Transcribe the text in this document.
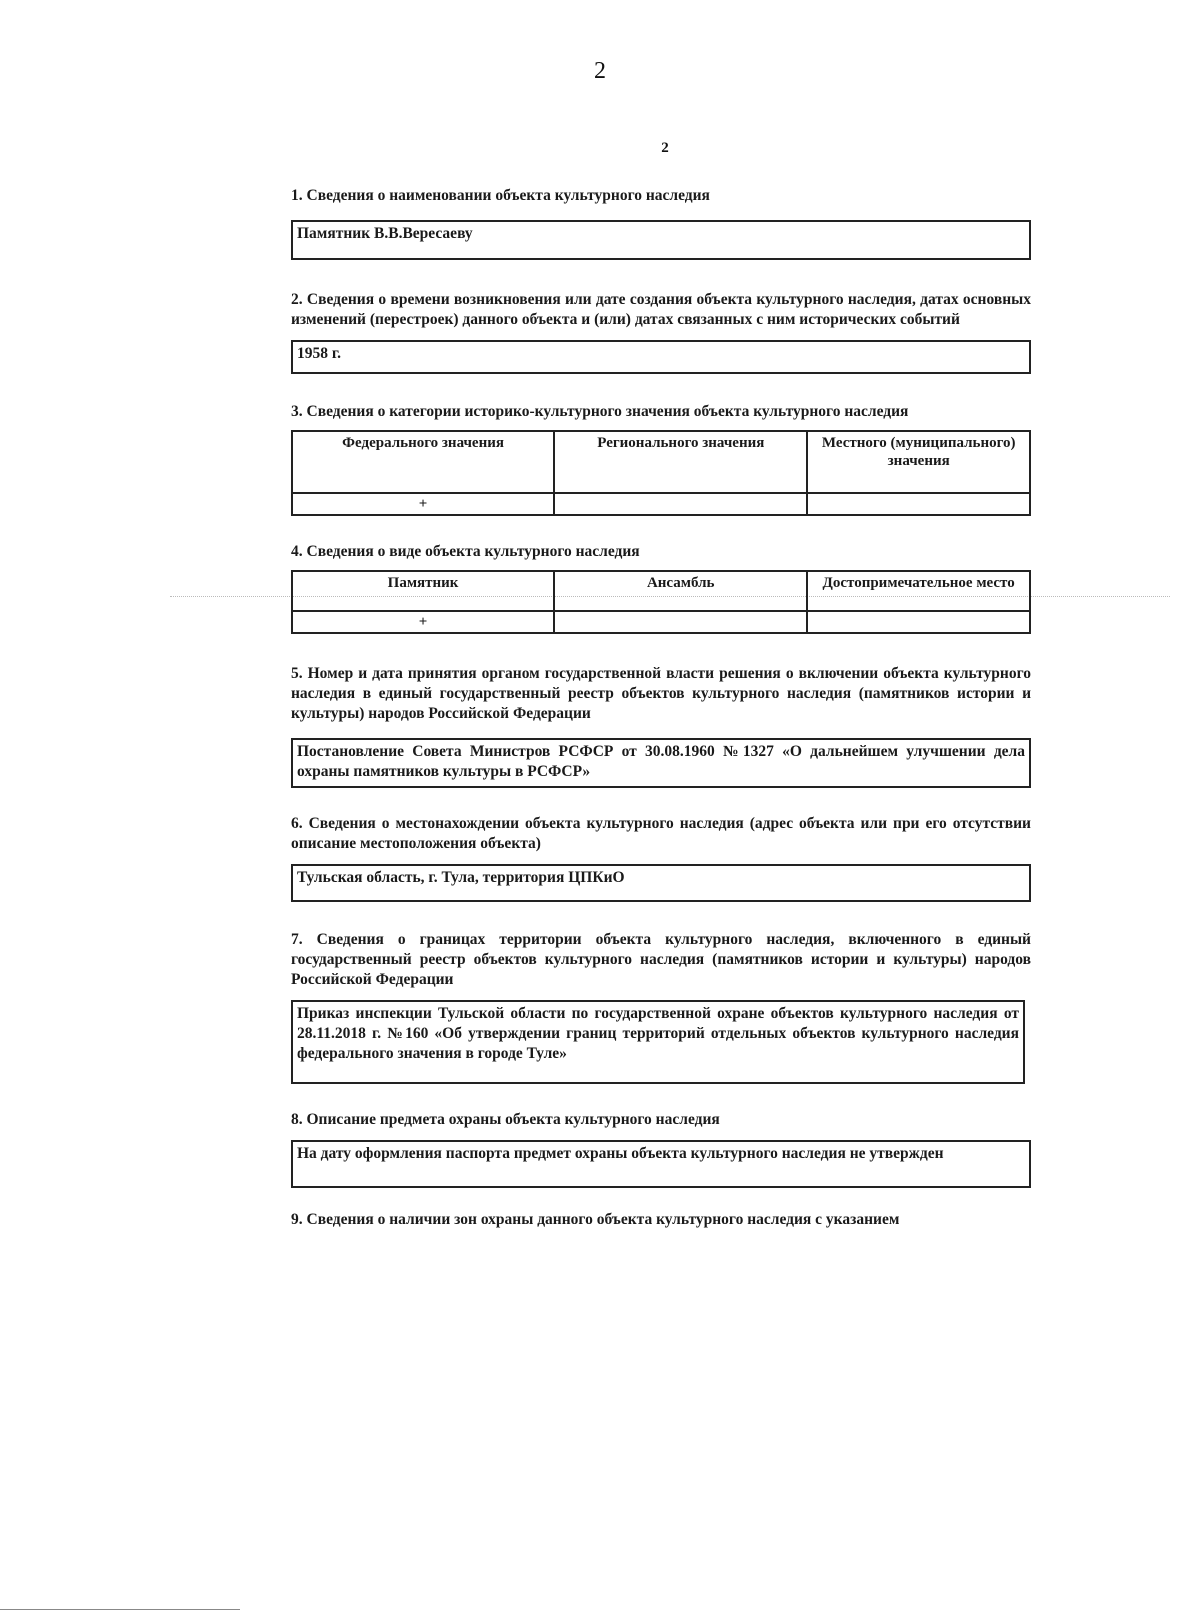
2
2
1. Сведения о наименовании объекта культурного наследия
Памятник В.В.Вересаеву
2. Сведения о времени возникновения или дате создания объекта культурного наследия, датах основных изменений (перестроек) данного объекта и (или) датах связанных с ним исторических событий
1958 г.
3. Сведения о категории историко-культурного значения объекта культурного наследия
Федерального значения	Регионального значения	Местного (муниципального) значения
+		
4. Сведения о виде объекта культурного наследия
Памятник	Ансамбль	Достопримечательное место
+		
5. Номер и дата принятия органом государственной власти решения о включении объекта культурного наследия в единый государственный реестр объектов культурного наследия (памятников истории и культуры) народов Российской Федерации
Постановление Совета Министров РСФСР от 30.08.1960 №1327 «О дальнейшем улучшении дела охраны памятников культуры в РСФСР»
6. Сведения о местонахождении объекта культурного наследия (адрес объекта или при его отсутствии описание местоположения объекта)
Тульская область, г. Тула, территория ЦПКиО
7. Сведения о границах территории объекта культурного наследия, включенного в единый государственный реестр объектов культурного наследия (памятников истории и культуры) народов Российской Федерации
Приказ инспекции Тульской области по государственной охране объектов культурного наследия от 28.11.2018 г. №160 «Об утверждении границ территорий отдельных объектов культурного наследия федерального значения в городе Туле»
8. Описание предмета охраны объекта культурного наследия
На дату оформления паспорта предмет охраны объекта культурного наследия не утвержден
9. Сведения о наличии зон охраны данного объекта культурного наследия с указанием
